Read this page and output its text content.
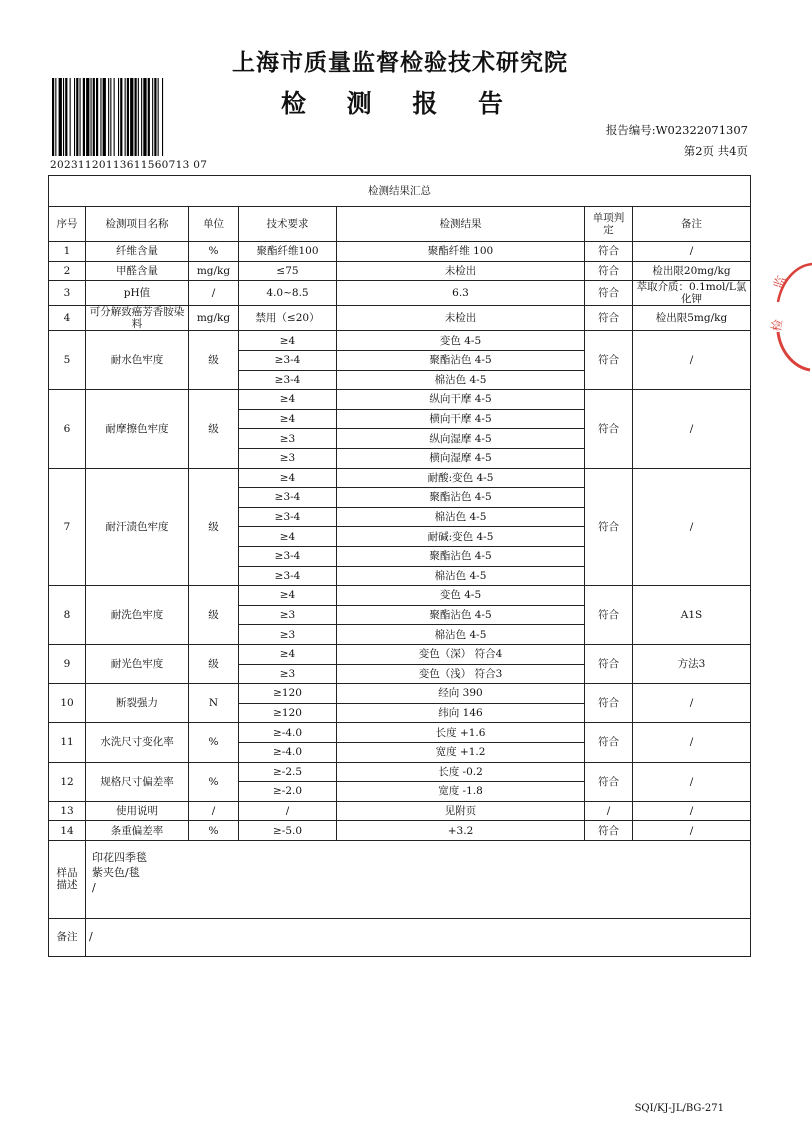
上海市质量监督检验技术研究院
检 测 报 告
20231120113611560713 07
报告编号:W02322071307
第2页 共4页
监
检
检测结果汇总						
序号	检测项目名称	单位	技术要求	检测结果	单项判定	备注
1	纤维含量	%	聚酯纤维100	聚酯纤维 100	符合	/
2	甲醛含量	mg/kg	≤75	未检出	符合	检出限20mg/kg
3	pH值	/	4.0~8.5	6.3	符合	萃取介质：0.1mol/L氯化钾
4	可分解致癌芳香胺染料	mg/kg	禁用（≤20）	未检出	符合	检出限5mg/kg
5	耐水色牢度	级	≥4	变色 4-5	符合	/
			≥3-4	聚酯沾色 4-5		
			≥3-4	棉沾色 4-5		
6	耐摩擦色牢度	级	≥4	纵向干摩 4-5	符合	/
			≥4	横向干摩 4-5		
			≥3	纵向湿摩 4-5		
			≥3	横向湿摩 4-5		
7	耐汗渍色牢度	级	≥4	耐酸:变色 4-5	符合	/
			≥3-4	聚酯沾色 4-5		
			≥3-4	棉沾色 4-5		
			≥4	耐碱:变色 4-5		
			≥3-4	聚酯沾色 4-5		
			≥3-4	棉沾色 4-5		
8	耐洗色牢度	级	≥4	变色 4-5	符合	A1S
			≥3	聚酯沾色 4-5		
			≥3	棉沾色 4-5		
9	耐光色牢度	级	≥4	变色（深） 符合4	符合	方法3
			≥3	变色（浅） 符合3		
10	断裂强力	N	≥120	经向 390	符合	/
			≥120	纬向 146		
11	水洗尺寸变化率	%	≥-4.0	长度 +1.6	符合	/
			≥-4.0	宽度 +1.2		
12	规格尺寸偏差率	%	≥-2.5	长度 -0.2	符合	/
			≥-2.0	宽度 -1.8		
13	使用说明	/	/	见附页	/	/
14	条重偏差率	%	≥-5.0	+3.2	符合	/
样品描述	印花四季毯
紫夹色/毯
/					

备注	/					
SQI/KJ-JL/BG-271
